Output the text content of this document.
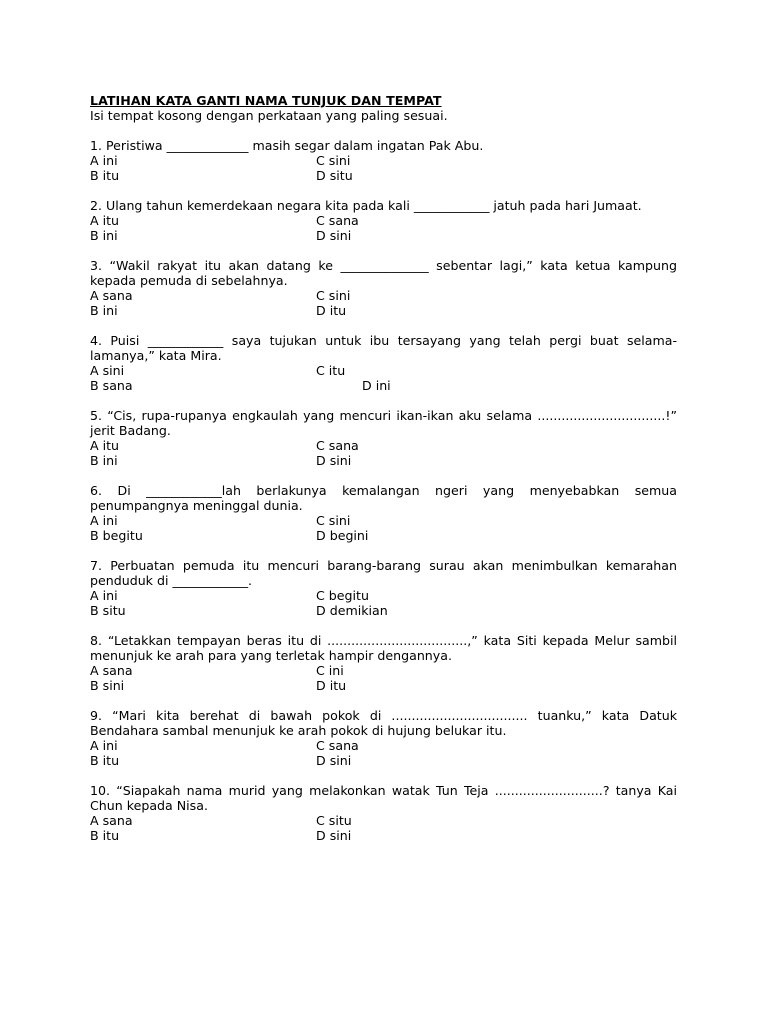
LATIHAN KATA GANTI NAMA TUNJUK DAN TEMPAT

Isi tempat kosong dengan perkataan yang paling sesuai.

1. Peristiwa _____________ masih segar dalam ingatan Pak Abu.

A ini	C sini
B itu	D situ

2. Ulang tahun kemerdekaan negara kita pada kali ____________ jatuh pada hari Jumaat.

A itu	C sana
B ini	D sini

3. “Wakil rakyat itu akan datang ke ______________ sebentar lagi,” kata ketua kampung kepada pemuda di sebelahnya.

A sana	C sini
B ini	D itu

4. Puisi ____________ saya tujukan untuk ibu tersayang yang telah pergi buat selama-lamanya,” kata Mira.

A sini	C itu
B sana	D ini

5. “Cis, rupa-rupanya engkaulah yang mencuri ikan-ikan aku selama ................................!” jerit Badang.

A itu	C sana
B ini	D sini

6. Di ____________lah berlakunya kemalangan ngeri yang menyebabkan semua penumpangnya meninggal dunia.

A ini	C sini
B begitu	D begini

7. Perbuatan pemuda itu mencuri barang-barang surau akan menimbulkan kemarahan penduduk di ____________.

A ini	C begitu
B situ	D demikian

8. “Letakkan tempayan beras itu di ...................................,” kata Siti kepada Melur sambil menunjuk ke arah para yang terletak hampir dengannya.

A sana	C ini
B sini	D itu

9. “Mari kita berehat di bawah pokok di .................................. tuanku,” kata Datuk Bendahara sambal menunjuk ke arah pokok di hujung belukar itu.

A ini	C sana
B itu	D sini

10. “Siapakah nama murid yang melakonkan watak Tun Teja ...........................? tanya Kai Chun kepada Nisa.

A sana	C situ
B itu	D sini
